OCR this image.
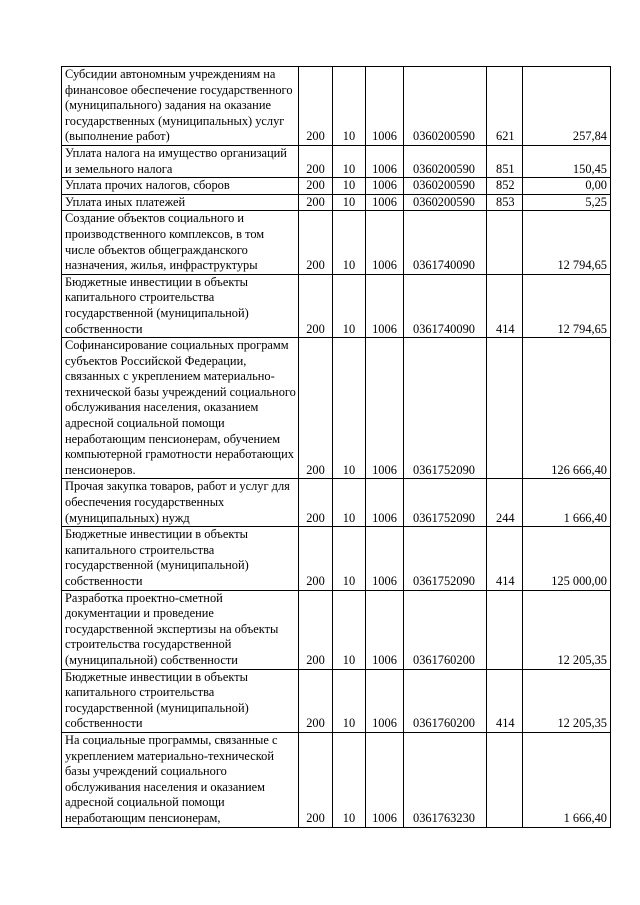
Субсидии автономным учреждениям на финансовое обеспечение государственного (муниципального) задания на оказание государственных (муниципальных) услуг (выполнение работ)	200	10	1006	0360200590	621	257,84
Уплата налога на имущество организаций и земельного налога	200	10	1006	0360200590	851	150,45
Уплата прочих налогов, сборов	200	10	1006	0360200590	852	0,00
Уплата иных платежей	200	10	1006	0360200590	853	5,25
Создание объектов социального и производственного комплексов, в том числе объектов общегражданского назначения, жилья, инфраструктуры	200	10	1006	0361740090		12 794,65
Бюджетные инвестиции в объекты капитального строительства государственной (муниципальной) собственности	200	10	1006	0361740090	414	12 794,65
Софинансирование социальных программ субъектов Российской Федерации, связанных с укреплением материально-технической базы учреждений социального обслуживания населения, оказанием адресной социальной помощи неработающим пенсионерам, обучением компьютерной грамотности неработающих пенсионеров.	200	10	1006	0361752090		126 666,40
Прочая закупка товаров, работ и услуг для обеспечения государственных (муниципальных) нужд	200	10	1006	0361752090	244	1 666,40
Бюджетные инвестиции в объекты капитального строительства государственной (муниципальной) собственности	200	10	1006	0361752090	414	125 000,00
Разработка проектно-сметной документации и проведение государственной экспертизы на объекты строительства государственной (муниципальной) собственности	200	10	1006	0361760200		12 205,35
Бюджетные инвестиции в объекты капитального строительства государственной (муниципальной) собственности	200	10	1006	0361760200	414	12 205,35
На социальные программы, связанные с укреплением материально-технической базы учреждений социального обслуживания населения и оказанием адресной социальной помощи неработающим пенсионерам,	200	10	1006	0361763230		1 666,40
